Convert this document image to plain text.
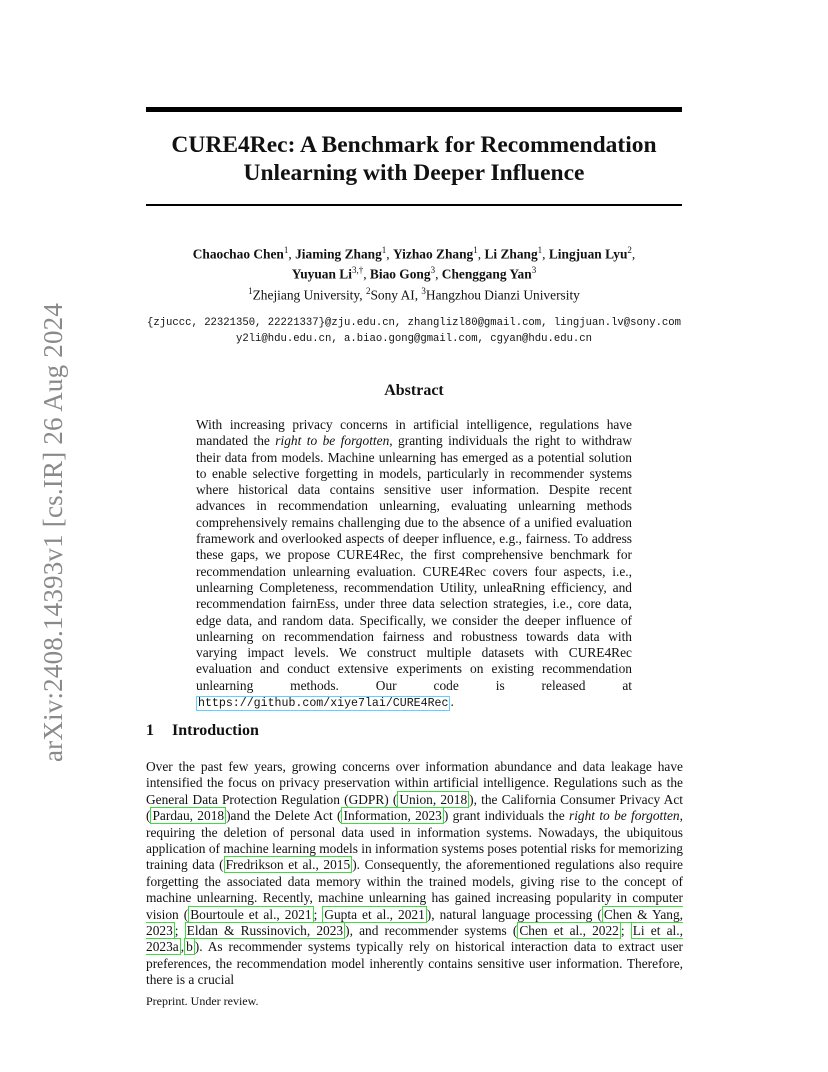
arXiv:2408.14393v1 [cs.IR] 26 Aug 2024
CURE4Rec: A Benchmark for Recommendation
Unlearning with Deeper Influence
Chaochao Chen$^1$, Jiaming Zhang$^1$, Yizhao Zhang$^1$, Li Zhang$^1$, Lingjuan Lyu$^2$,
Yuyuan $Li^{3,\dagger}$, Biao Gong$^3$, Chenggang Yan$^3$
$^1$Zhejiang University, $^2$Sony AI, $^3$Hangzhou Dianzi University
{zjuccc, 22321350, 22221337}@zju.edu.cn, zhanglizl80@gmail.com, lingjuan.lv@sony.com
y2li@hdu.edu.cn, a.biao.gong@gmail.com, cgyan@hdu.edu.cn
Abstract
With increasing privacy concerns in artificial intelligence, regulations have mandated the right to be forgotten, granting individuals the right to withdraw their data from models. Machine unlearning has emerged as a potential solution to enable selective forgetting in models, particularly in recommender systems where historical data contains sensitive user information. Despite recent advances in recommendation unlearning, evaluating unlearning methods comprehensively remains challenging due to the absence of a unified evaluation framework and overlooked aspects of deeper influence, e.g., fairness. To address these gaps, we propose CURE4Rec, the first comprehensive benchmark for recommendation unlearning evaluation. CURE4Rec covers four aspects, i.e., unlearning Completeness, recommendation Utility, unleaRning efficiency, and recommendation fairnEss, under three data selection strategies, i.e., core data, edge data, and random data. Specifically, we consider the deeper influence of unlearning on recommendation fairness and robustness towards data with varying impact levels. We construct multiple datasets with CURE4Rec evaluation and conduct extensive experiments on existing recommendation unlearning methods. Our code is released at https://github.com/xiye7lai/CURE4Rec .
1 Introduction
Over the past few years, growing concerns over information abundance and data leakage have intensified the focus on privacy preservation within artificial intelligence. Regulations such as the General Data Protection Regulation (GDPR) ( Union, 2018 ), the California Consumer Privacy Act ( Pardau, 2018 )and the Delete Act ( Information, 2023 ) grant individuals the right to be forgotten, requiring the deletion of personal data used in information systems. Nowadays, the ubiquitous application of machine learning models in information systems poses potential risks for memorizing training data ( Fredrikson et al., 2015 ). Consequently, the aforementioned regulations also require forgetting the associated data memory within the trained models, giving rise to the concept of machine unlearning. Recently, machine unlearning has gained increasing popularity in computer vision ( Bourtoule et al., 2021 ; Gupta et al., 2021 ), natural language processing ( Chen & Yang, 2023 ; Eldan & Russinovich, 2023 ), and recommender systems ( Chen et al., 2022 ; Li et al., 2023a , b ). As recommender systems typically rely on historical interaction data to extract user preferences, the recommendation model inherently contains sensitive user information. Therefore, there is a crucial
Preprint. Under review.
